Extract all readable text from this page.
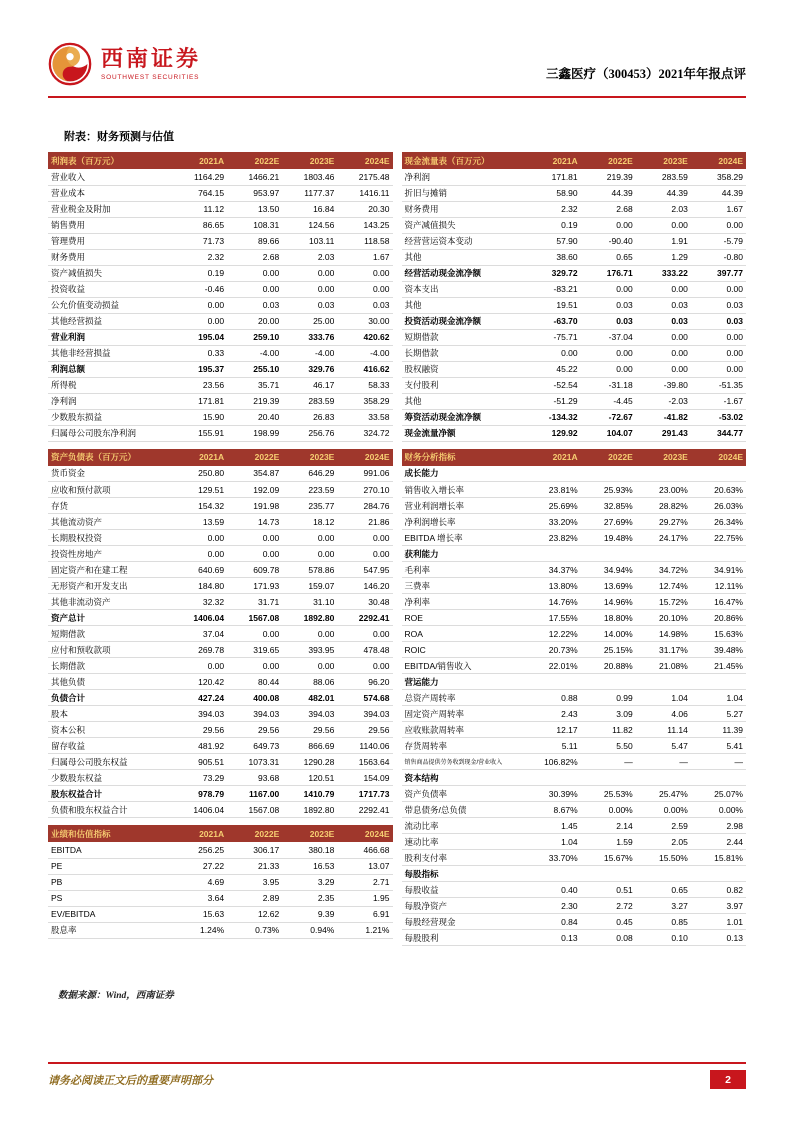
西南证券
SOUTHWEST SECURITIES	三鑫医疗（300453）2021年年报点评
附表：财务预测与估值
利润表（百万元）	2021A	2022E	2023E	2024E
营业收入	1164.29	1466.21	1803.46	2175.48
营业成本	764.15	953.97	1177.37	1416.11
营业税金及附加	11.12	13.50	16.84	20.30
销售费用	86.65	108.31	124.56	143.25
管理费用	71.73	89.66	103.11	118.58
财务费用	2.32	2.68	2.03	1.67
资产减值损失	0.19	0.00	0.00	0.00
投资收益	-0.46	0.00	0.00	0.00
公允价值变动损益	0.00	0.03	0.03	0.03
其他经营损益	0.00	20.00	25.00	30.00
营业利润	195.04	259.10	333.76	420.62
其他非经营损益	0.33	-4.00	-4.00	-4.00
利润总额	195.37	255.10	329.76	416.62
所得税	23.56	35.71	46.17	58.33
净利润	171.81	219.39	283.59	358.29
少数股东损益	15.90	20.40	26.83	33.58
归属母公司股东净利润	155.91	198.99	256.76	324.72
资产负债表（百万元）	2021A	2022E	2023E	2024E
货币资金	250.80	354.87	646.29	991.06
应收和预付款项	129.51	192.09	223.59	270.10
存货	154.32	191.98	235.77	284.76
其他流动资产	13.59	14.73	18.12	21.86
长期股权投资	0.00	0.00	0.00	0.00
投资性房地产	0.00	0.00	0.00	0.00
固定资产和在建工程	640.69	609.78	578.86	547.95
无形资产和开发支出	184.80	171.93	159.07	146.20
其他非流动资产	32.32	31.71	31.10	30.48
资产总计	1406.04	1567.08	1892.80	2292.41
短期借款	37.04	0.00	0.00	0.00
应付和预收款项	269.78	319.65	393.95	478.48
长期借款	0.00	0.00	0.00	0.00
其他负债	120.42	80.44	88.06	96.20
负债合计	427.24	400.08	482.01	574.68
股本	394.03	394.03	394.03	394.03
资本公积	29.56	29.56	29.56	29.56
留存收益	481.92	649.73	866.69	1140.06
归属母公司股东权益	905.51	1073.31	1290.28	1563.64
少数股东权益	73.29	93.68	120.51	154.09
股东权益合计	978.79	1167.00	1410.79	1717.73
负债和股东权益合计	1406.04	1567.08	1892.80	2292.41
业绩和估值指标	2021A	2022E	2023E	2024E
EBITDA	256.25	306.17	380.18	466.68
PE	27.22	21.33	16.53	13.07
PB	4.69	3.95	3.29	2.71
PS	3.64	2.89	2.35	1.95
EV/EBITDA	15.63	12.62	9.39	6.91
股息率	1.24%	0.73%	0.94%	1.21%
现金流量表（百万元）	2021A	2022E	2023E	2024E
净利润	171.81	219.39	283.59	358.29
折旧与摊销	58.90	44.39	44.39	44.39
财务费用	2.32	2.68	2.03	1.67
资产减值损失	0.19	0.00	0.00	0.00
经营营运资本变动	57.90	-90.40	1.91	-5.79
其他	38.60	0.65	1.29	-0.80
经营活动现金流净额	329.72	176.71	333.22	397.77
资本支出	-83.21	0.00	0.00	0.00
其他	19.51	0.03	0.03	0.03
投资活动现金流净额	-63.70	0.03	0.03	0.03
短期借款	-75.71	-37.04	0.00	0.00
长期借款	0.00	0.00	0.00	0.00
股权融资	45.22	0.00	0.00	0.00
支付股利	-52.54	-31.18	-39.80	-51.35
其他	-51.29	-4.45	-2.03	-1.67
筹资活动现金流净额	-134.32	-72.67	-41.82	-53.02
现金流量净额	129.92	104.07	291.43	344.77
财务分析指标	2021A	2022E	2023E	2024E
成长能力				
销售收入增长率	23.81%	25.93%	23.00%	20.63%
营业利润增长率	25.69%	32.85%	28.82%	26.03%
净利润增长率	33.20%	27.69%	29.27%	26.34%
EBITDA 增长率	23.82%	19.48%	24.17%	22.75%
获利能力				
毛利率	34.37%	34.94%	34.72%	34.91%
三费率	13.80%	13.69%	12.74%	12.11%
净利率	14.76%	14.96%	15.72%	16.47%
ROE	17.55%	18.80%	20.10%	20.86%
ROA	12.22%	14.00%	14.98%	15.63%
ROIC	20.73%	25.15%	31.17%	39.48%
EBITDA/销售收入	22.01%	20.88%	21.08%	21.45%
营运能力				
总资产周转率	0.88	0.99	1.04	1.04
固定资产周转率	2.43	3.09	4.06	5.27
应收账款周转率	12.17	11.82	11.14	11.39
存货周转率	5.11	5.50	5.47	5.41
销售商品提供劳务收到现金/营业收入	106.82%	—	—	—
资本结构				
资产负债率	30.39%	25.53%	25.47%	25.07%
带息债务/总负债	8.67%	0.00%	0.00%	0.00%
流动比率	1.45	2.14	2.59	2.98
速动比率	1.04	1.59	2.05	2.44
股利支付率	33.70%	15.67%	15.50%	15.81%
每股指标				
每股收益	0.40	0.51	0.65	0.82
每股净资产	2.30	2.72	3.27	3.97
每股经营现金	0.84	0.45	0.85	1.01
每股股利	0.13	0.08	0.10	0.13
数据来源：Wind，西南证券
请务必阅读正文后的重要声明部分	2
